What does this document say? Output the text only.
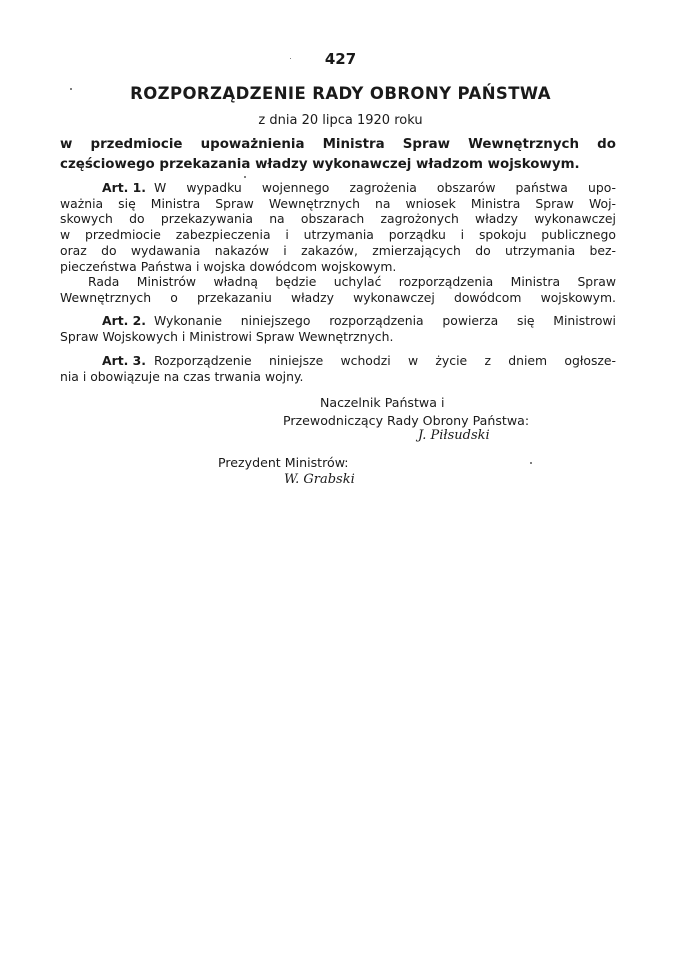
427
ROZPORZĄDZENIE RADY OBRONY PAŃSTWA
z dnia 20 lipca 1920 roku
w przedmiocie upoważnienia Ministra Spraw Wewnętrznych do
częściowego przekazania władzy wykonawczej władzom wojskowym.
Art. 1. W wypadku wojennego zagrożenia obszarów państwa upo-
ważnia się Ministra Spraw Wewnętrznych na wniosek Ministra Spraw Woj-
skowych do przekazywania na obszarach zagrożonych władzy wykonawczej
w przedmiocie zabezpieczenia i utrzymania porządku i spokoju publicznego
oraz do wydawania nakazów i zakazów, zmierzających do utrzymania bez-
pieczeństwa Państwa i wojska dowódcom wojskowym.
Rada Ministrów władną będzie uchylać rozporządzenia Ministra Spraw
Wewnętrznych o przekazaniu władzy wykonawczej dowódcom wojskowym.
Art. 2. Wykonanie niniejszego rozporządzenia powierza się Ministrowi
Spraw Wojskowych i Ministrowi Spraw Wewnętrznych.
Art. 3. Rozporządzenie niniejsze wchodzi w życie z dniem ogłosze-
nia i obowiązuje na czas trwania wojny.
Naczelnik Państwa i
Przewodniczący Rady Obrony Państwa:
J. Piłsudski
Prezydent Ministrów:
W. Grabski
